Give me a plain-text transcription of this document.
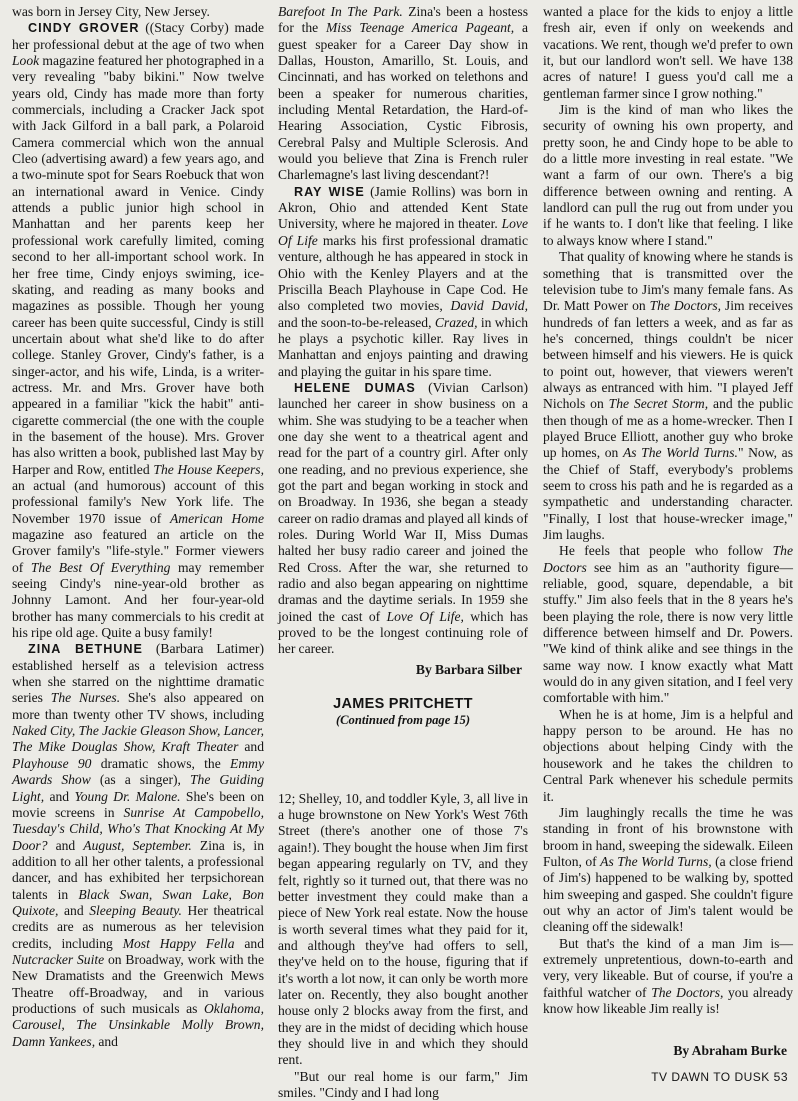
was born in Jersey City, New Jersey.

CINDY GROVER ((Stacy Corby) made her professional debut at the age of two when Look magazine featured her photographed in a very revealing "baby bikini." Now twelve years old, Cindy has made more than forty commercials, including a Cracker Jack spot with Jack Gilford in a ball park, a Polaroid Camera commercial which won the annual Cleo (advertising award) a few years ago, and a two-minute spot for Sears Roebuck that won an international award in Venice. Cindy attends a public junior high school in Manhattan and her parents keep her professional work carefully limited, coming second to her all-important school work. In her free time, Cindy enjoys swiming, ice-skating, and reading as many books and magazines as possible. Though her young career has been quite successful, Cindy is still uncertain about what she'd like to do after college. Stanley Grover, Cindy's father, is a singer-actor, and his wife, Linda, is a writer-actress. Mr. and Mrs. Grover have both appeared in a familiar "kick the habit" anti-cigarette commercial (the one with the couple in the basement of the house). Mrs. Grover has also written a book, published last May by Harper and Row, entitled The House Keepers, an actual (and humorous) account of this professional family's New York life. The November 1970 issue of American Home magazine aso featured an article on the Grover family's "life-style." Former viewers of The Best Of Everything may remember seeing Cindy's nine-year-old brother as Johnny Lamont. And her four-year-old brother has many commercials to his credit at his ripe old age. Quite a busy family!

ZINA BETHUNE (Barbara Latimer) established herself as a television actress when she starred on the nighttime dramatic series The Nurses. She's also appeared on more than twenty other TV shows, including Naked City, The Jackie Gleason Show, Lancer, The Mike Douglas Show, Kraft Theater and Playhouse 90 dramatic shows, the Emmy Awards Show (as a singer), The Guiding Light, and Young Dr. Malone. She's been on movie screens in Sunrise At Campobello, Tuesday's Child, Who's That Knocking At My Door? and August, September. Zina is, in addition to all her other talents, a professional dancer, and has exhibited her terpsichorean talents in Black Swan, Swan Lake, Bon Quixote, and Sleeping Beauty. Her theatrical credits are as numerous as her television credits, including Most Happy Fella and Nutcracker Suite on Broadway, work with the New Dramatists and the Greenwich Mews Theatre off-Broadway, and in various productions of such musicals as Oklahoma, Carousel, The Unsinkable Molly Brown, Damn Yankees, and

Barefoot In The Park. Zina's been a hostess for the Miss Teenage America Pageant, a guest speaker for a Career Day show in Dallas, Houston, Amarillo, St. Louis, and Cincinnati, and has worked on telethons and been a speaker for numerous charities, including Mental Retardation, the Hard-of-Hearing Association, Cystic Fibrosis, Cerebral Palsy and Multiple Sclerosis. And would you believe that Zina is French ruler Charlemagne's last living descendant?!

RAY WISE (Jamie Rollins) was born in Akron, Ohio and attended Kent State University, where he majored in theater. Love Of Life marks his first professional dramatic venture, although he has appeared in stock in Ohio with the Kenley Players and at the Priscilla Beach Playhouse in Cape Cod. He also completed two movies, David David, and the soon-to-be-released, Crazed, in which he plays a psychotic killer. Ray lives in Manhattan and enjoys painting and drawing and playing the guitar in his spare time.

HELENE DUMAS (Vivian Carlson) launched her career in show business on a whim. She was studying to be a teacher when one day she went to a theatrical agent and read for the part of a country girl. After only one reading, and no previous experience, she got the part and began working in stock and on Broadway. In 1936, she began a steady career on radio dramas and played all kinds of roles. During World War II, Miss Dumas halted her busy radio career and joined the Red Cross. After the war, she returned to radio and also began appearing on nighttime dramas and the daytime serials. In 1959 she joined the cast of Love Of Life, which has proved to be the longest continuing role of her career.

By Barbara Silber
JAMES PRITCHETT
(Continued from page 15)

12; Shelley, 10, and toddler Kyle, 3, all live in a huge brownstone on New York's West 76th Street (there's another one of those 7's again!). They bought the house when Jim first began appearing regularly on TV, and they felt, rightly so it turned out, that there was no better investment they could make than a piece of New York real estate. Now the house is worth several times what they paid for it, and although they've had offers to sell, they've held on to the house, figuring that if it's worth a lot now, it can only be worth more later on. Recently, they also bought another house only 2 blocks away from the first, and they are in the midst of deciding which house they should live in and which they should rent.

"But our real home is our farm," Jim smiles. "Cindy and I had long

wanted a place for the kids to enjoy a little fresh air, even if only on weekends and vacations. We rent, though we'd prefer to own it, but our landlord won't sell. We have 138 acres of nature! I guess you'd call me a gentleman farmer since I grow nothing."

Jim is the kind of man who likes the security of owning his own property, and pretty soon, he and Cindy hope to be able to do a little more investing in real estate. "We want a farm of our own. There's a big difference between owning and renting. A landlord can pull the rug out from under you if he wants to. I don't like that feeling. I like to always know where I stand."

That quality of knowing where he stands is something that is transmitted over the television tube to Jim's many female fans. As Dr. Matt Power on The Doctors, Jim receives hundreds of fan letters a week, and as far as he's concerned, things couldn't be nicer between himself and his viewers. He is quick to point out, however, that viewers weren't always as entranced with him. "I played Jeff Nichols on The Secret Storm, and the public then though of me as a home-wrecker. Then I played Bruce Elliott, another guy who broke up homes, on As The World Turns." Now, as the Chief of Staff, everybody's problems seem to cross his path and he is regarded as a sympathetic and understanding character. "Finally, I lost that house-wrecker image," Jim laughs.

He feels that people who follow The Doctors see him as an "authority figure—reliable, good, square, dependable, a bit stuffy." Jim also feels that in the 8 years he's been playing the role, there is now very little difference between himself and Dr. Powers. "We kind of think alike and see things in the same way now. I know exactly what Matt would do in any given sitation, and I feel very comfortable with him."

When he is at home, Jim is a helpful and happy person to be around. He has no objections about helping Cindy with the housework and he takes the children to Central Park whenever his schedule permits it.

Jim laughingly recalls the time he was standing in front of his brownstone with broom in hand, sweeping the sidewalk. Eileen Fulton, of As The World Turns, (a close friend of Jim's) happened to be walking by, spotted him sweeping and gasped. She couldn't figure out why an actor of Jim's talent would be cleaning off the sidewalk!

But that's the kind of a man Jim is—extremely unpretentious, down-to-earth and very, very likeable. But of course, if you're a faithful watcher of The Doctors, you already know how likeable Jim really is!

By Abraham Burke
TV DAWN TO DUSK 53
